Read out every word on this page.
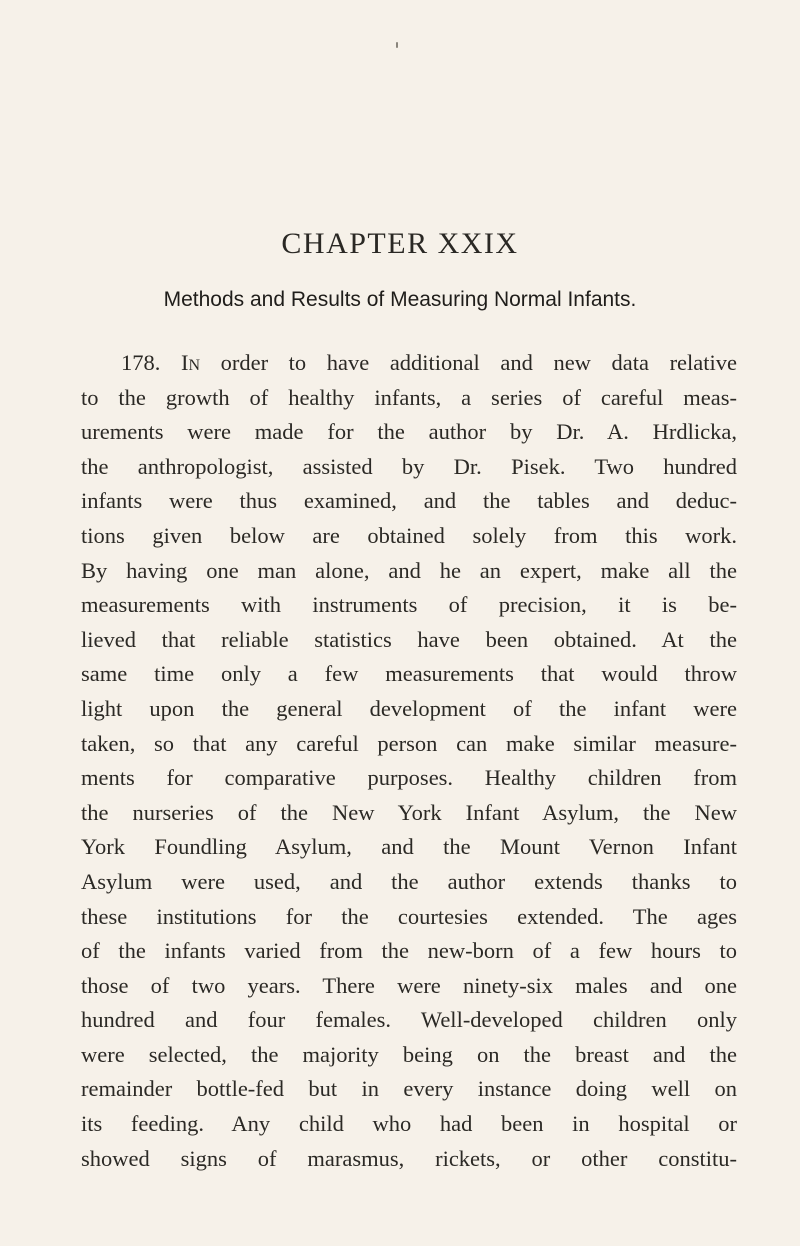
CHAPTER XXIX
Methods and Results of Measuring Normal Infants.
178. In order to have additional and new data relative
to the growth of healthy infants, a series of careful meas-
urements were made for the author by Dr. A. Hrdlicka,
the anthropologist, assisted by Dr. Pisek. Two hundred
infants were thus examined, and the tables and deduc-
tions given below are obtained solely from this work.
By having one man alone, and he an expert, make all the
measurements with instruments of precision, it is be-
lieved that reliable statistics have been obtained. At the
same time only a few measurements that would throw
light upon the general development of the infant were
taken, so that any careful person can make similar measure-
ments for comparative purposes. Healthy children from
the nurseries of the New York Infant Asylum, the New
York Foundling Asylum, and the Mount Vernon Infant
Asylum were used, and the author extends thanks to
these institutions for the courtesies extended. The ages
of the infants varied from the new-born of a few hours to
those of two years. There were ninety-six males and one
hundred and four females. Well-developed children only
were selected, the majority being on the breast and the
remainder bottle-fed but in every instance doing well on
its feeding. Any child who had been in hospital or
showed signs of marasmus, rickets, or other constitu-
